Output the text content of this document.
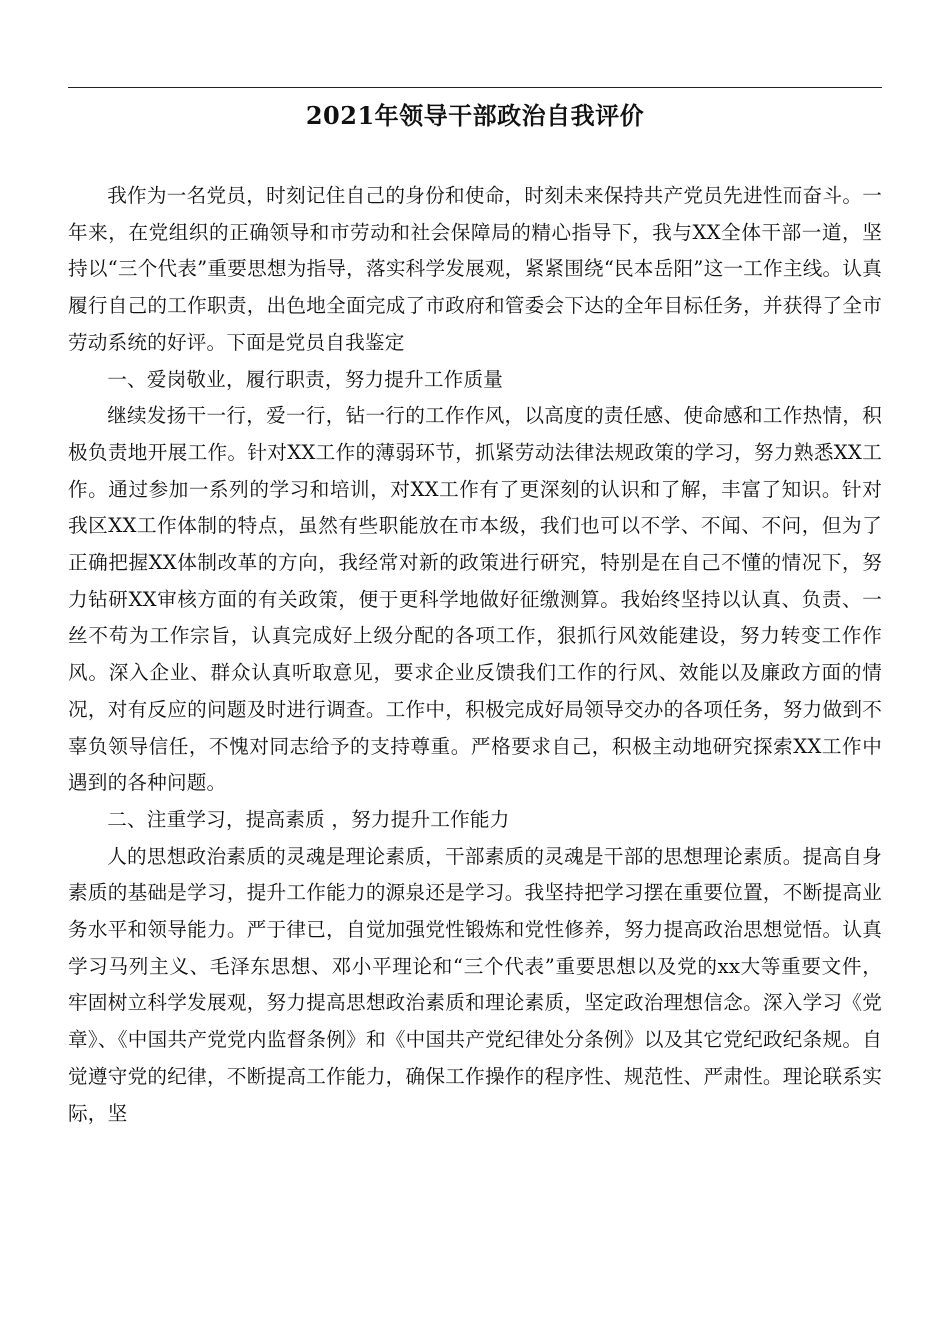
2021年领导干部政治自我评价

我作为一名党员，时刻记住自己的身份和使命，时刻未来保持共产党员先进性而奋斗。一年来，在党组织的正确领导和市劳动和社会保障局的精心指导下，我与XX全体干部一道，坚持以“三个代表”重要思想为指导，落实科学发展观，紧紧围绕“民本岳阳”这一工作主线。认真履行自己的工作职责，出色地全面完成了市政府和管委会下达的全年目标任务，并获得了全市劳动系统的好评。下面是党员自我鉴定

一、爱岗敬业，履行职责，努力提升工作质量

继续发扬干一行，爱一行，钻一行的工作作风，以高度的责任感、使命感和工作热情，积极负责地开展工作。针对XX工作的薄弱环节，抓紧劳动法律法规政策的学习，努力熟悉XX工作。通过参加一系列的学习和培训，对XX工作有了更深刻的认识和了解，丰富了知识。针对我区XX工作体制的特点，虽然有些职能放在市本级，我们也可以不学、不闻、不问，但为了正确把握XX体制改革的方向，我经常对新的政策进行研究，特别是在自己不懂的情况下，努力钻研XX审核方面的有关政策，便于更科学地做好征缴测算。我始终坚持以认真、负责、一丝不苟为工作宗旨，认真完成好上级分配的各项工作，狠抓行风效能建设，努力转变工作作风。深入企业、群众认真听取意见，要求企业反馈我们工作的行风、效能以及廉政方面的情况，对有反应的问题及时进行调查。工作中，积极完成好局领导交办的各项任务，努力做到不辜负领导信任，不愧对同志给予的支持尊重。严格要求自己，积极主动地研究探索XX工作中遇到的各种问题。

二、注重学习，提高素质 ，努力提升工作能力

人的思想政治素质的灵魂是理论素质，干部素质的灵魂是干部的思想理论素质。提高自身素质的基础是学习，提升工作能力的源泉还是学习。我坚持把学习摆在重要位置，不断提高业务水平和领导能力。严于律已，自觉加强党性锻炼和党性修养，努力提高政治思想觉悟。认真学习马列主义、毛泽东思想、邓小平理论和“三个代表”重要思想以及党的xx大等重要文件，牢固树立科学发展观，努力提高思想政治素质和理论素质，坚定政治理想信念。深入学习《党章》、《中国共产党党内监督条例》和《中国共产党纪律处分条例》以及其它党纪政纪条规。自觉遵守党的纪律，不断提高工作能力，确保工作操作的程序性、规范性、严肃性。理论联系实际，坚
